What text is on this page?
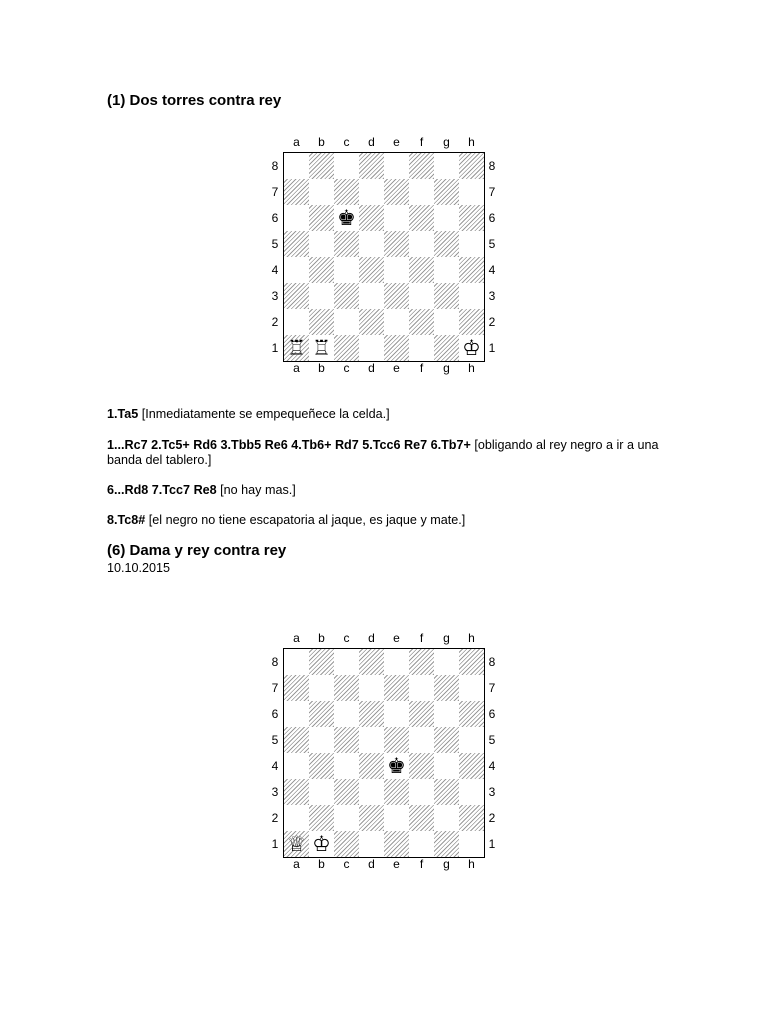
(1) Dos torres contra rey
♚
♜ ♖ ♜ ♖	♚ ♔
a
a
b
b
c
c
d
d
e
e
f
f
g
g
h
h
8	8
7	7
6	6
5	5
4	4
3	3
2	2
1	1

1.Ta5 [Inmediatamente se empequeñece la celda.]

1...Rc7 2.Tc5+ Rd6 3.Tbb5 Re6 4.Tb6+ Rd7 5.Tcc6 Re7 6.Tb7+ [obligando al rey negro a ir a una banda del tablero.]

6...Rd8 7.Tcc7 Re8 [no hay mas.]

8.Tc8# [el negro no tiene escapatoria al jaque, es jaque y mate.]

(6) Dama y rey contra rey
10.10.2015
♚
♛ ♕ ♚ ♔
a
a
b
b
c
c
d
d
e
e
f
f
g
g
h
h
8	8
7	7
6	6
5	5
4	4
3	3
2	2
1	1
